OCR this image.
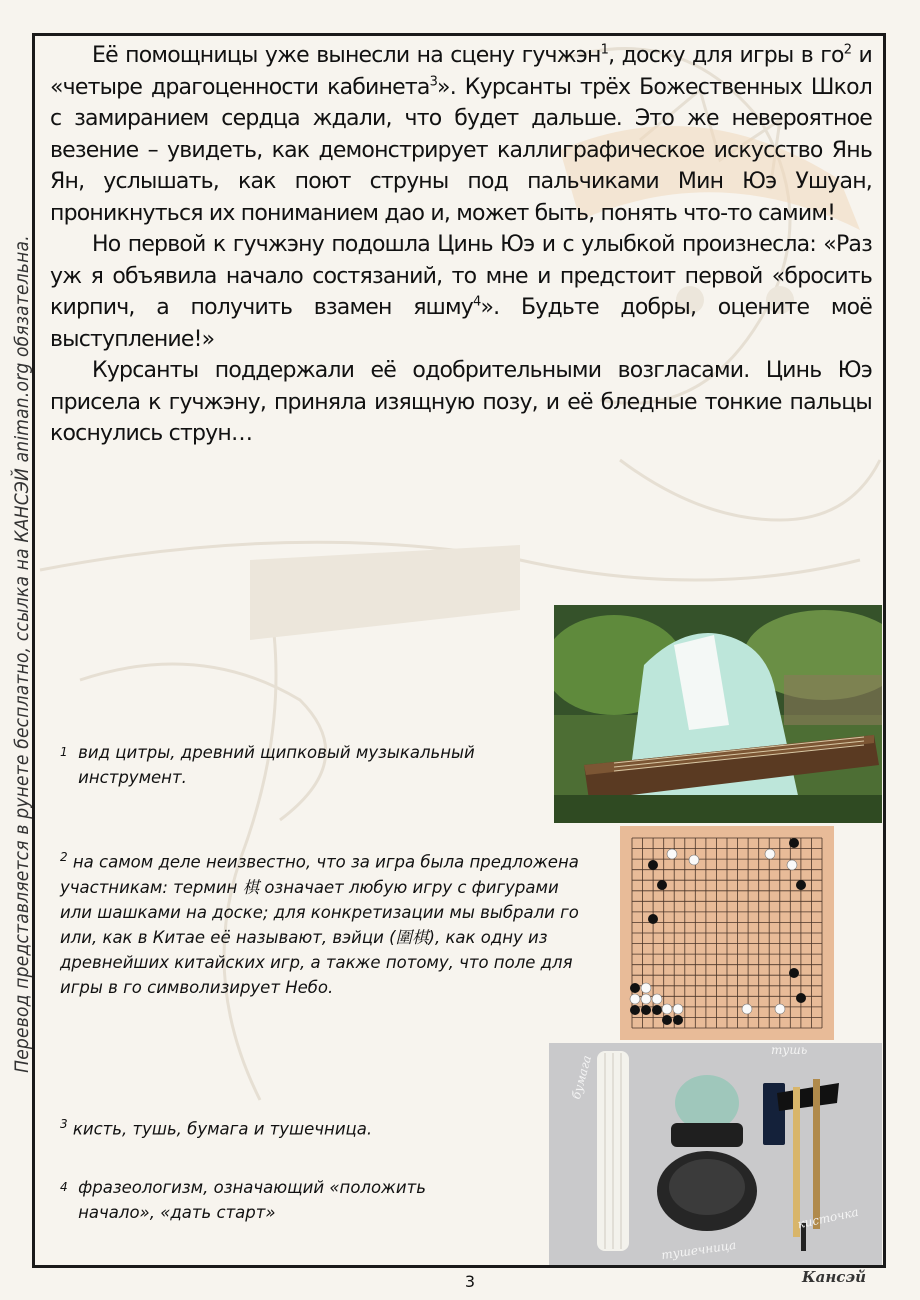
Перевод представляется в рунете бесплатно, ссылка на КАНСЭЙ animan.org обязательна.

Её помощницы уже вынесли на сцену гучжэн$^1$, доску для игры в $го^2$ и «четыре драгоценности кабинета$^3$». Курсанты трёх Божественных Школ с замиранием сердца ждали, что будет дальше. Это же невероятное везение – увидеть, как демонстрирует каллиграфическое искусство Янь Ян, услышать, как поют струны под пальчиками Мин Юэ Ушуан, проникнуться их пониманием дао и, может быть, понять что-то самим!

Но первой к гучжэну подошла Цинь Юэ и с улыбкой произнесла: «Раз уж я объявила начало состязаний, то мне и предстоит первой «бросить кирпич, а получить взамен яшму$^4$». Будьте добры, оцените моё выступление!»

Курсанты поддержали её одобрительными возгласами. Цинь Юэ присела к гучжэну, приняла изящную позу, и её бледные тонкие пальцы коснулись струн…

$^1$ вид цитры, древний щипковый музыкальный инструмент.

$^2$ на самом деле неизвестно, что за игра была предложена участникам: термин 棋 означает любую игру с фигурами или шашками на доске; для конкретизации мы выбрали го или, как в Китае её называют, вэйци (圍棋), как одну из древнейших китайских игр, а также потому, что поле для игры в го символизирует Небо.

$^3$ кисть, тушь, бумага и тушечница.

$^4$ фразеологизм, означающий «положить начало», «дать старт»

бумага
тушь
тушечница
кисточка
3	Кансэй
